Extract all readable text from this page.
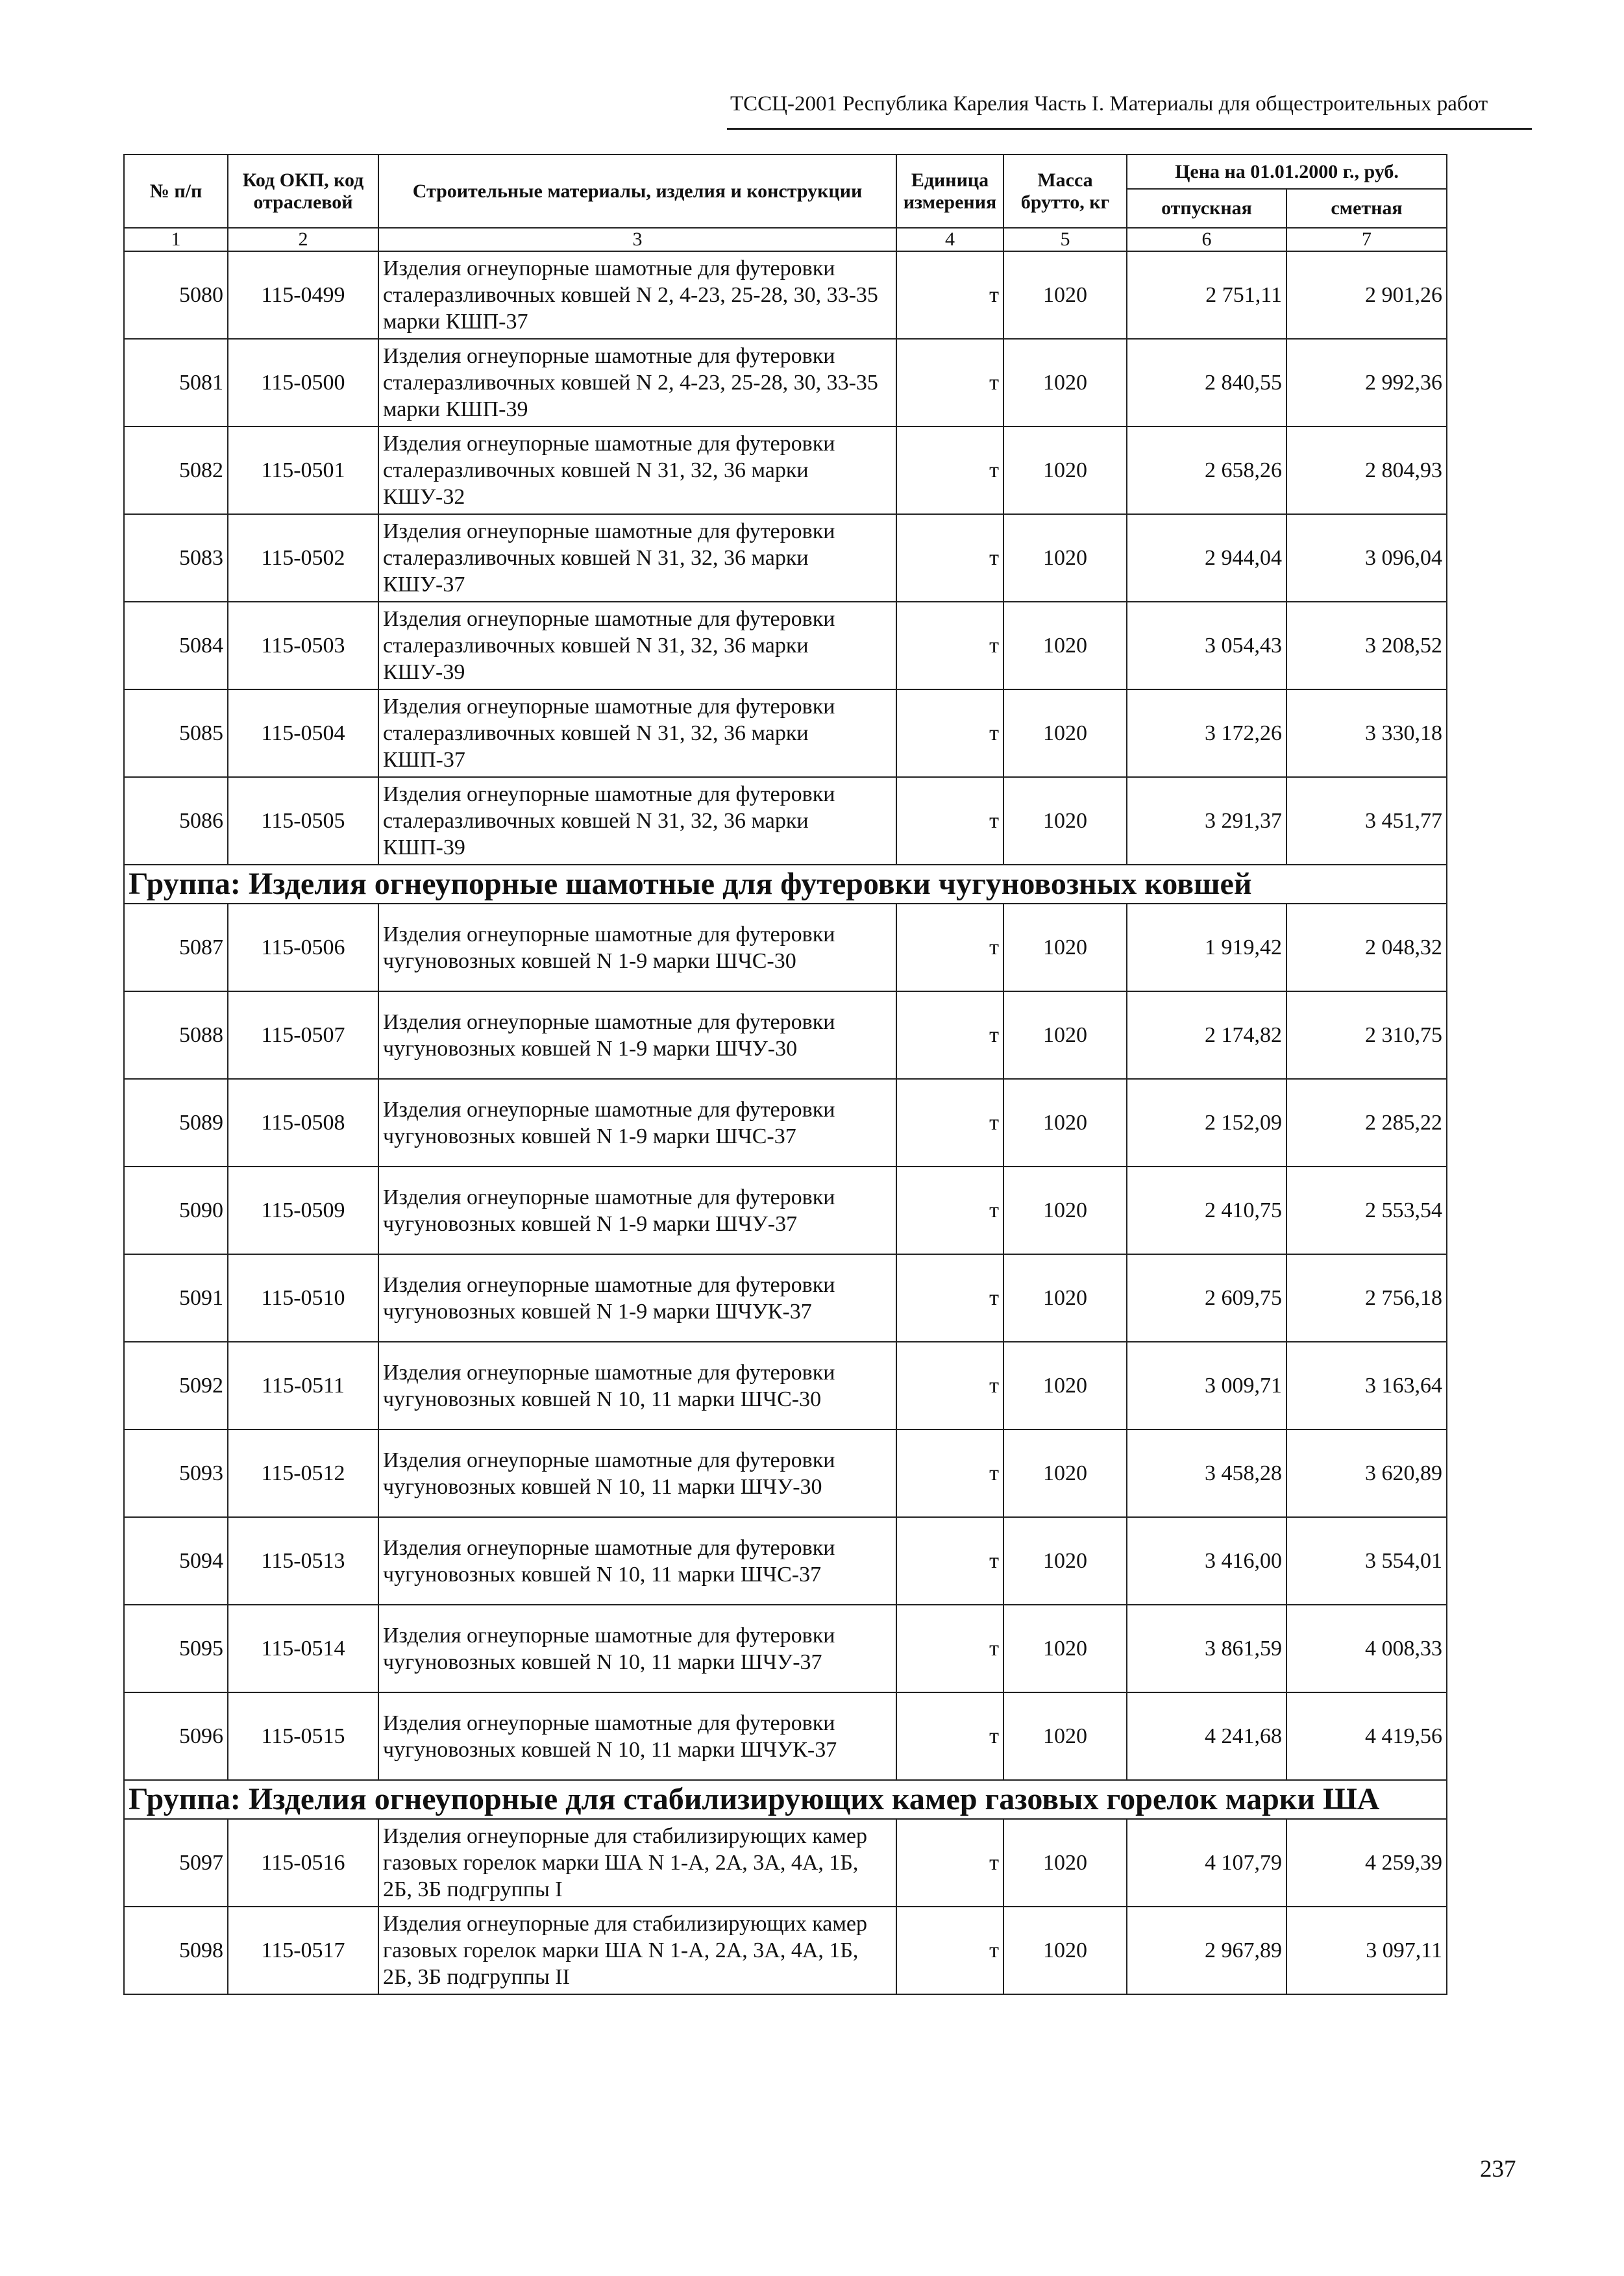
ТССЦ-2001 Республика Карелия Часть I. Материалы для общестроительных работ
№ п/п	Код ОКП, код отраслевой	Строительные материалы, изделия и конструкции	Единица измерения	Масса брутто, кг	Цена на 01.01.2000 г., руб.	
					отпускная	сметная
1	2	3	4	5	6	7
5080	115-0499	Изделия огнеупорные шамотные для футеровки сталеразливочных ковшей N 2, 4-23, 25-28, 30, 33-35 марки КШП-37	т	1020	2 751,11	2 901,26
5081	115-0500	Изделия огнеупорные шамотные для футеровки сталеразливочных ковшей N 2, 4-23, 25-28, 30, 33-35 марки КШП-39	т	1020	2 840,55	2 992,36
5082	115-0501	Изделия огнеупорные шамотные для футеровки сталеразливочных ковшей N 31, 32, 36 марки КШУ-32	т	1020	2 658,26	2 804,93
5083	115-0502	Изделия огнеупорные шамотные для футеровки сталеразливочных ковшей N 31, 32, 36 марки КШУ-37	т	1020	2 944,04	3 096,04
5084	115-0503	Изделия огнеупорные шамотные для футеровки сталеразливочных ковшей N 31, 32, 36 марки КШУ-39	т	1020	3 054,43	3 208,52
5085	115-0504	Изделия огнеупорные шамотные для футеровки сталеразливочных ковшей N 31, 32, 36 марки КШП-37	т	1020	3 172,26	3 330,18
5086	115-0505	Изделия огнеупорные шамотные для футеровки сталеразливочных ковшей N 31, 32, 36 марки КШП-39	т	1020	3 291,37	3 451,77
Группа: Изделия огнеупорные шамотные для футеровки чугуновозных ковшей						
5087	115-0506	Изделия огнеупорные шамотные для футеровки чугуновозных ковшей N 1-9 марки ШЧС-30	т	1020	1 919,42	2 048,32
5088	115-0507	Изделия огнеупорные шамотные для футеровки чугуновозных ковшей N 1-9 марки ШЧУ-30	т	1020	2 174,82	2 310,75
5089	115-0508	Изделия огнеупорные шамотные для футеровки чугуновозных ковшей N 1-9 марки ШЧС-37	т	1020	2 152,09	2 285,22
5090	115-0509	Изделия огнеупорные шамотные для футеровки чугуновозных ковшей N 1-9 марки ШЧУ-37	т	1020	2 410,75	2 553,54
5091	115-0510	Изделия огнеупорные шамотные для футеровки чугуновозных ковшей N 1-9 марки ШЧУК-37	т	1020	2 609,75	2 756,18
5092	115-0511	Изделия огнеупорные шамотные для футеровки чугуновозных ковшей N 10, 11 марки ШЧС-30	т	1020	3 009,71	3 163,64
5093	115-0512	Изделия огнеупорные шамотные для футеровки чугуновозных ковшей N 10, 11 марки ШЧУ-30	т	1020	3 458,28	3 620,89
5094	115-0513	Изделия огнеупорные шамотные для футеровки чугуновозных ковшей N 10, 11 марки ШЧС-37	т	1020	3 416,00	3 554,01
5095	115-0514	Изделия огнеупорные шамотные для футеровки чугуновозных ковшей N 10, 11 марки ШЧУ-37	т	1020	3 861,59	4 008,33
5096	115-0515	Изделия огнеупорные шамотные для футеровки чугуновозных ковшей N 10, 11 марки ШЧУК-37	т	1020	4 241,68	4 419,56
Группа: Изделия огнеупорные для стабилизирующих камер газовых горелок марки ША						
5097	115-0516	Изделия огнеупорные для стабилизирующих камер газовых горелок марки ША N 1-А, 2А, 3А, 4А, 1Б, 2Б, 3Б подгруппы I	т	1020	4 107,79	4 259,39
5098	115-0517	Изделия огнеупорные для стабилизирующих камер газовых горелок марки ША N 1-А, 2А, 3А, 4А, 1Б, 2Б, 3Б подгруппы II	т	1020	2 967,89	3 097,11
237
